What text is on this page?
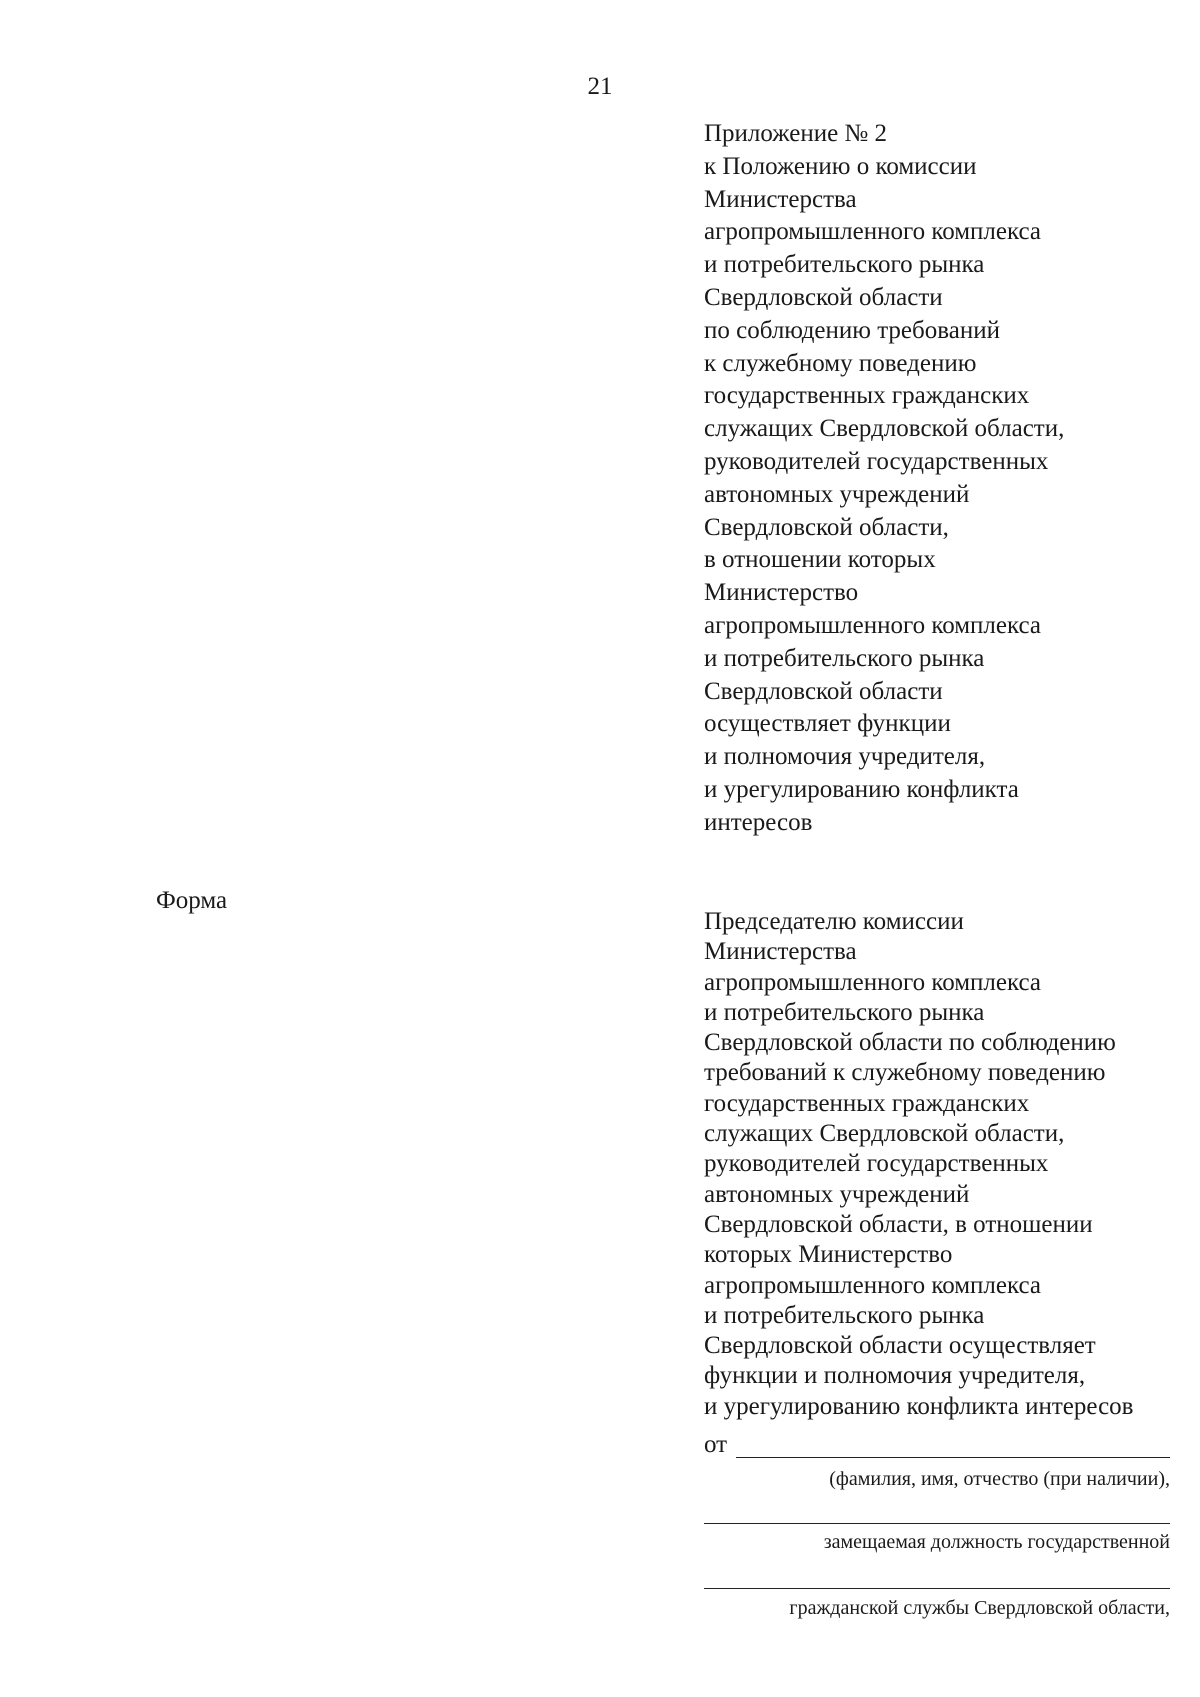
21
Приложение № 2
к Положению о комиссии
Министерства
агропромышленного комплекса
и потребительского рынка
Свердловской области
по соблюдению требований
к служебному поведению
государственных гражданских
служащих Свердловской области,
руководителей государственных
автономных учреждений
Свердловской области,
в отношении которых
Министерство
агропромышленного комплекса
и потребительского рынка
Свердловской области
осуществляет функции
и полномочия учредителя,
и урегулированию конфликта
интересов
Форма
Председателю комиссии
Министерства
агропромышленного комплекса
и потребительского рынка
Свердловской области по соблюдению
требований к служебному поведению
государственных гражданских
служащих Свердловской области,
руководителей государственных
автономных учреждений
Свердловской области, в отношении
которых Министерство
агропромышленного комплекса
и потребительского рынка
Свердловской области осуществляет
функции и полномочия учредителя,
и урегулированию конфликта интересов
от
(фамилия, имя, отчество (при наличии),
замещаемая должность государственной
гражданской службы Свердловской области,
